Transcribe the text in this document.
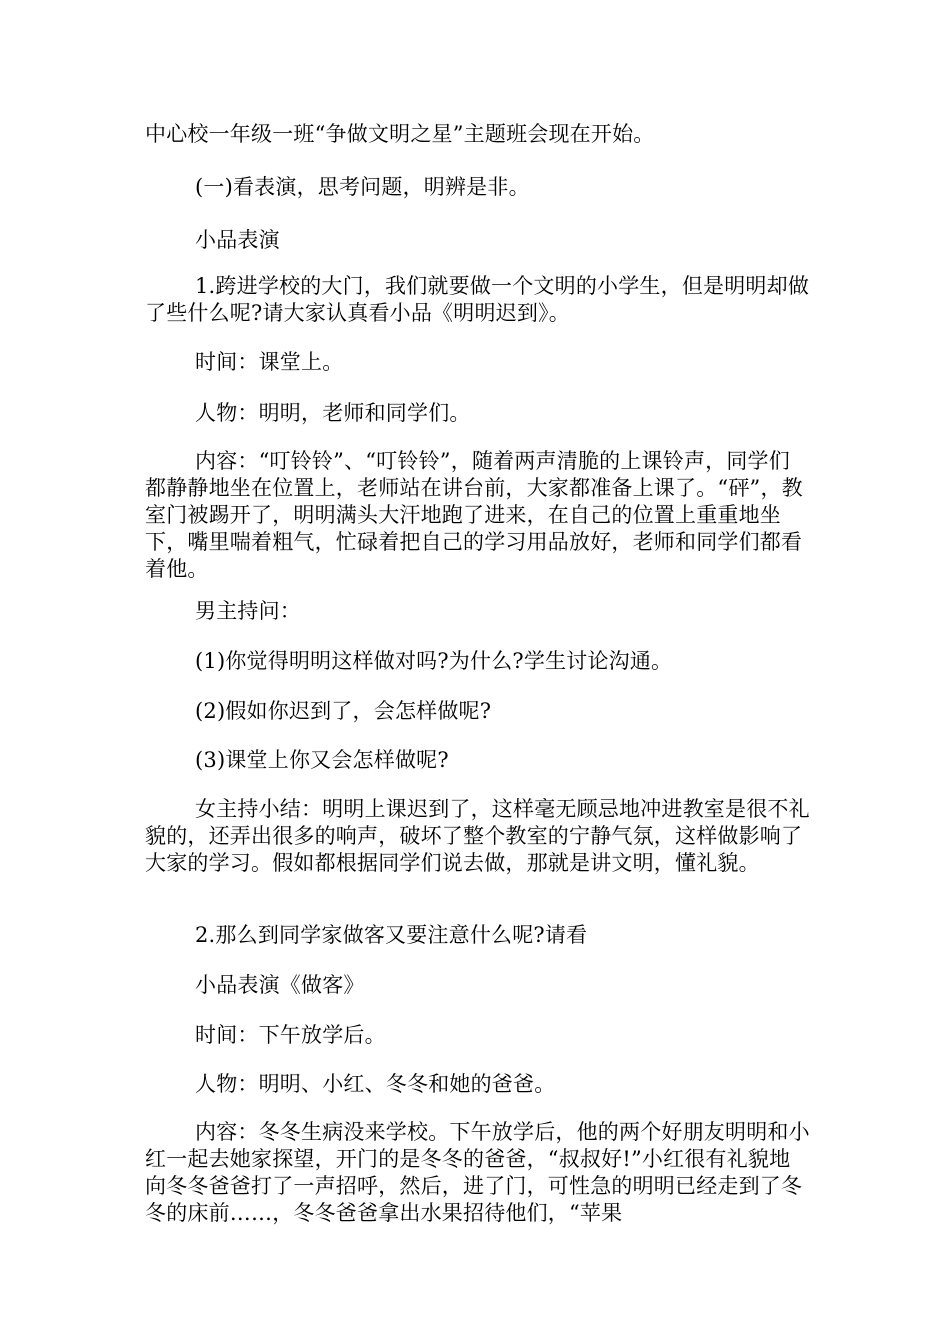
中心校一年级一班“争做文明之星”主题班会现在开始。

(一)看表演，思考问题，明辨是非。

小品表演

1.跨进学校的大门，我们就要做一个文明的小学生，但是明明却做了些什么呢?请大家认真看小品《明明迟到》。

时间：课堂上。

人物：明明，老师和同学们。

内容：“叮铃铃”、“叮铃铃”，随着两声清脆的上课铃声，同学们都静静地坐在位置上，老师站在讲台前，大家都准备上课了。“砰”，教室门被踢开了，明明满头大汗地跑了进来，在自己的位置上重重地坐下，嘴里喘着粗气，忙碌着把自己的学习用品放好，老师和同学们都看着他。

男主持问：

(1)你觉得明明这样做对吗?为什么?学生讨论沟通。

(2)假如你迟到了，会怎样做呢?

(3)课堂上你又会怎样做呢?

女主持小结：明明上课迟到了，这样毫无顾忌地冲进教室是很不礼貌的，还弄出很多的响声，破坏了整个教室的宁静气氛，这样做影响了大家的学习。假如都根据同学们说去做，那就是讲文明，懂礼貌。

2.那么到同学家做客又要注意什么呢?请看

小品表演《做客》

时间：下午放学后。

人物：明明、小红、冬冬和她的爸爸。

内容：冬冬生病没来学校。下午放学后，他的两个好朋友明明和小红一起去她家探望，开门的是冬冬的爸爸，“叔叔好!”小红很有礼貌地向冬冬爸爸打了一声招呼，然后，进了门，可性急的明明已经走到了冬冬的床前……，冬冬爸爸拿出水果招待他们，“苹果
